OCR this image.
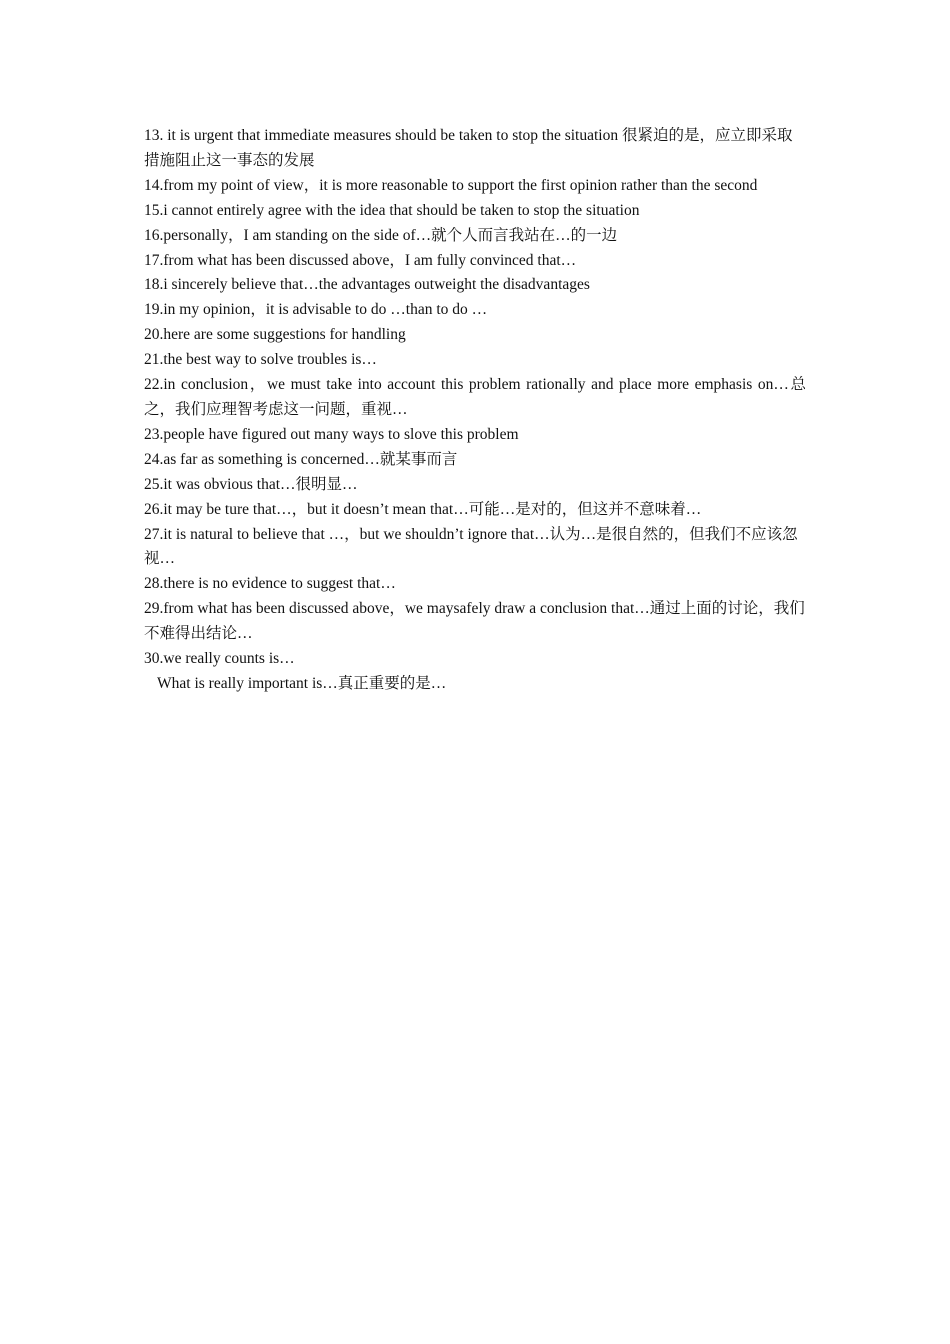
13. it is urgent that immediate measures should be taken to stop the situation 很紧迫的是，应立即采取措施阻止这一事态的发展

14.from my point of view，it is more reasonable to support the first opinion rather than the second

15.i cannot entirely agree with the idea that should be taken to stop the situation

16.personally，I am standing on the side of…就个人而言我站在…的一边

17.from what has been discussed above，I am fully convinced that…

18.i sincerely believe that…the advantages outweight the disadvantages

19.in my opinion，it is advisable to do …than to do …

20.here are some suggestions for handling

21.the best way to solve troubles is…

22.in conclusion，we must take into account this problem rationally and place more emphasis on…总之，我们应理智考虑这一问题，重视…

23.people have figured out many ways to slove this problem

24.as far as something is concerned…就某事而言

25.it was obvious that…很明显…

26.it may be ture that…，but it doesn’t mean that…可能…是对的，但这并不意味着…

27.it is natural to believe that …，but we shouldn’t ignore that…认为…是很自然的，但我们不应该忽视…

28.there is no evidence to suggest that…

29.from what has been discussed above，we maysafely draw a conclusion that…通过上面的讨论，我们不难得出结论…

30.we really counts is…

What is really important is…真正重要的是…
